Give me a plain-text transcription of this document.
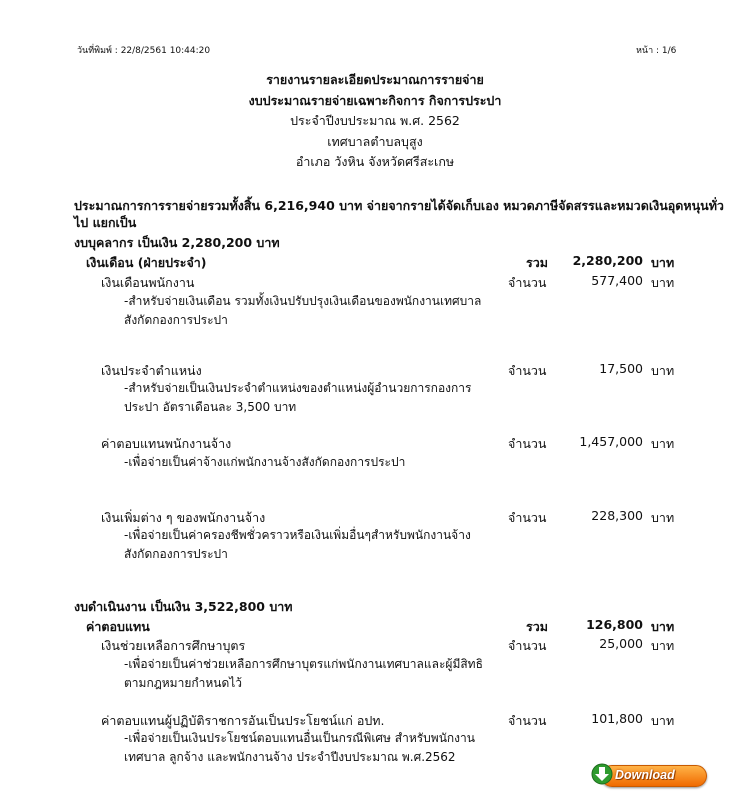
วันที่พิมพ์ : 22/8/2561 10:44:20	หน้า : 1/6
รายงานรายละเอียดประมาณการรายจ่าย
งบประมาณรายจ่ายเฉพาะกิจการ กิจการประปา
ประจำปีงบประมาณ พ.ศ. 2562
เทศบาลตำบลบุสูง
อำเภอ วังหิน จังหวัดศรีสะเกษ
ประมาณการการรายจ่ายรวมทั้งสิ้น 6,216,940 บาท จ่ายจากรายได้จัดเก็บเอง หมวดภาษีจัดสรรและหมวดเงินอุดหนุนทั่ว
ไป แยกเป็น
งบบุคลากร เป็นเงิน 2,280,200 บาท
เงินเดือน (ฝ่ายประจำ)	รวม 2,280,200 บาท
เงินเดือนพนักงาน	จำนวน	577,400 บาท
-สำหรับจ่ายเงินเดือน รวมทั้งเงินปรับปรุงเงินเดือนของพนักงานเทศบาล
สังกัดกองการประปา
เงินประจำตำแหน่ง	จำนวน	17,500 บาท
-สำหรับจ่ายเป็นเงินประจำตำแหน่งของตำแหน่งผู้อำนวยการกองการ
ประปา อัตราเดือนละ 3,500 บาท
ค่าตอบแทนพนักงานจ้าง	จำนวน	1,457,000 บาท
-เพื่อจ่ายเป็นค่าจ้างแก่พนักงานจ้างสังกัดกองการประปา
เงินเพิ่มต่าง ๆ ของพนักงานจ้าง	จำนวน	228,300 บาท
-เพื่อจ่ายเป็นค่าครองชีพชั่วคราวหรือเงินเพิ่มอื่นๆสำหรับพนักงานจ้าง
สังกัดกองการประปา
งบดำเนินงาน เป็นเงิน 3,522,800 บาท
ค่าตอบแทน	รวม	126,800 บาท
เงินช่วยเหลือการศึกษาบุตร	จำนวน	25,000 บาท
-เพื่อจ่ายเป็นค่าช่วยเหลือการศึกษาบุตรแก่พนักงานเทศบาลและผู้มีสิทธิ
ตามกฎหมายกำหนดไว้
ค่าตอบแทนผู้ปฏิบัติราชการอันเป็นประโยชน์แก่ อปท.	จำนวน	101,800 บาท
-เพื่อจ่ายเป็นเงินประโยชน์ตอบแทนอื่นเป็นกรณีพิเศษ สำหรับพนักงาน
เทศบาล ลูกจ้าง และพนักงานจ้าง ประจำปีงบประมาณ พ.ศ.2562
Download
